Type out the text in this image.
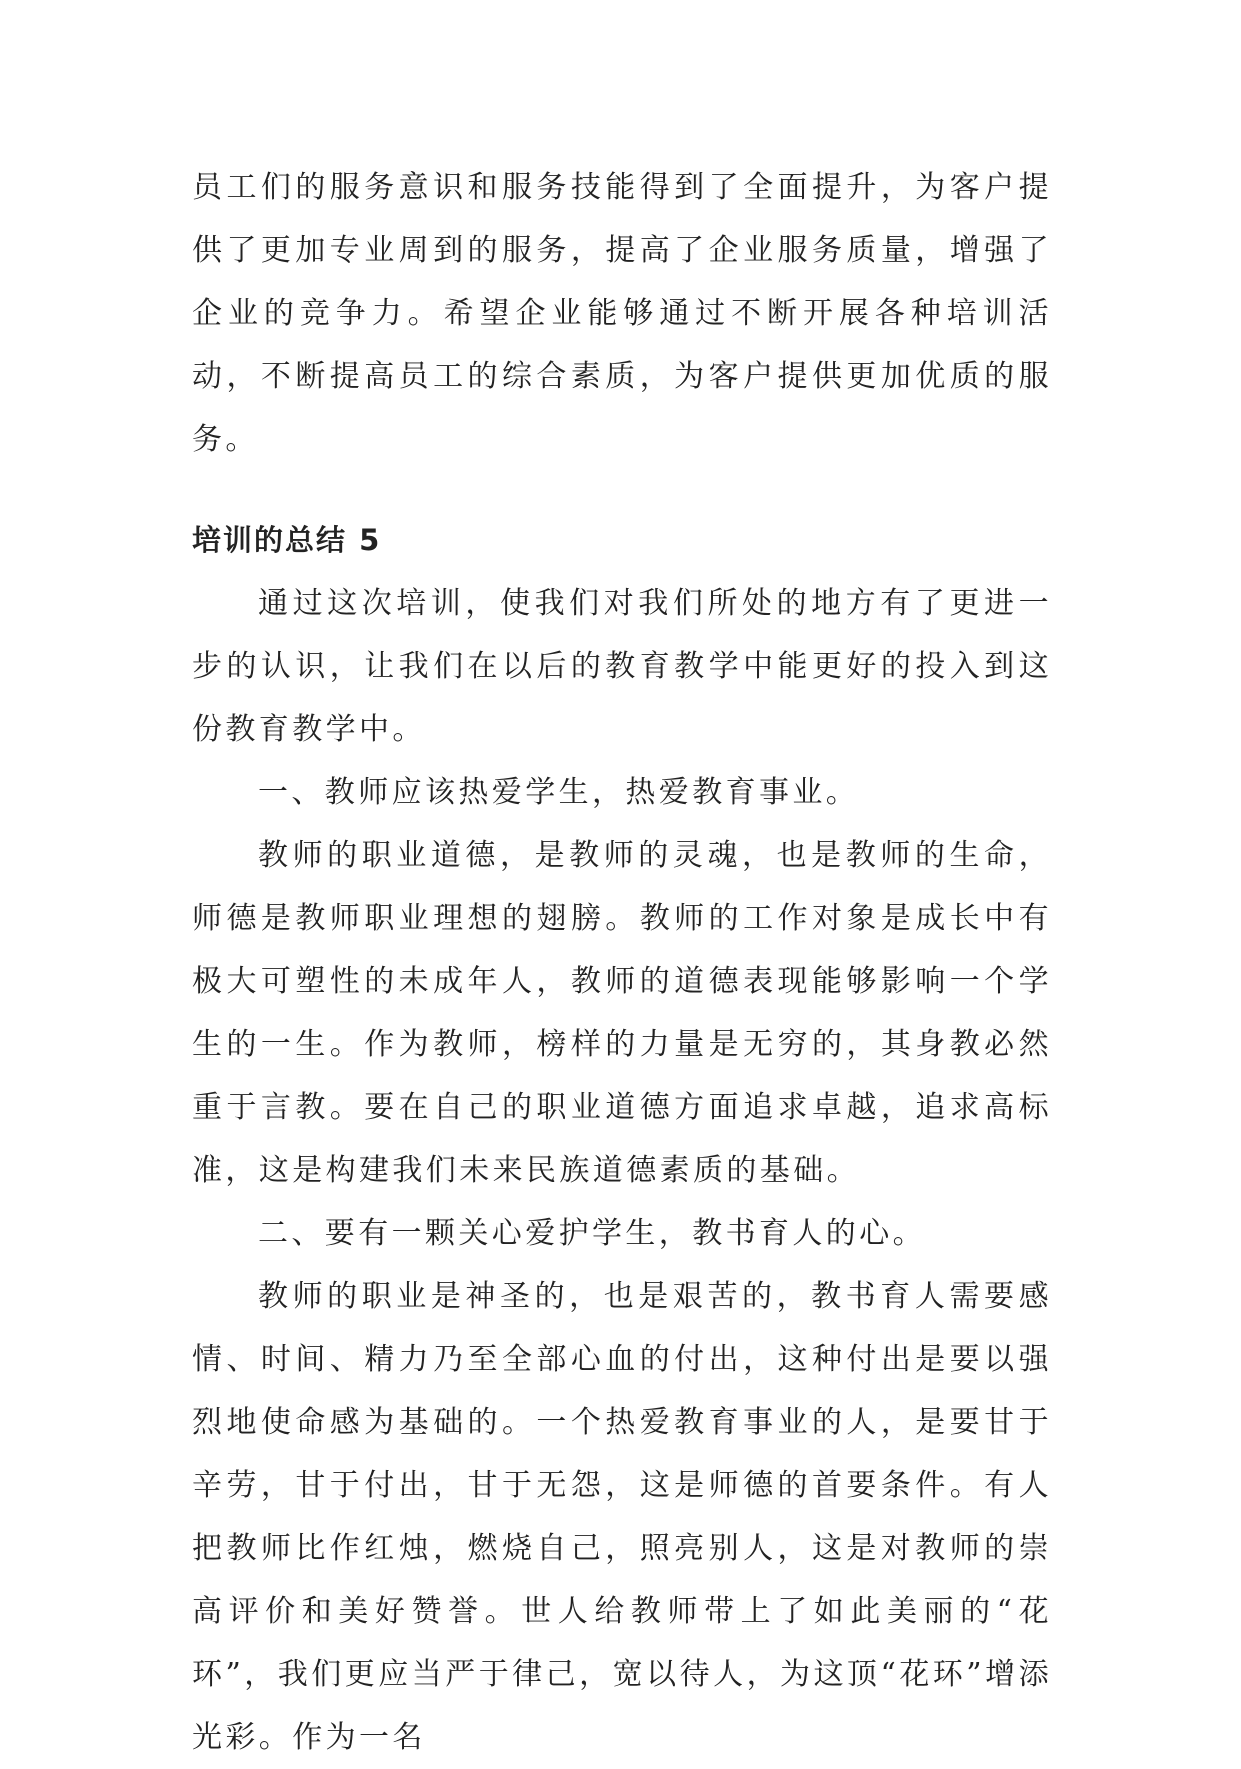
员工们的服务意识和服务技能得到了全面提升，为客户提供了更加专业周到的服务，提高了企业服务质量，增强了企业的竞争力。希望企业能够通过不断开展各种培训活动，不断提高员工的综合素质，为客户提供更加优质的服务。

培训的总结 5

通过这次培训，使我们对我们所处的地方有了更进一步的认识，让我们在以后的教育教学中能更好的投入到这份教育教学中。

一、教师应该热爱学生，热爱教育事业。

教师的职业道德，是教师的灵魂，也是教师的生命，师德是教师职业理想的翅膀。教师的工作对象是成长中有极大可塑性的未成年人，教师的道德表现能够影响一个学生的一生。作为教师，榜样的力量是无穷的，其身教必然重于言教。要在自己的职业道德方面追求卓越，追求高标准，这是构建我们未来民族道德素质的基础。

二、要有一颗关心爱护学生，教书育人的心。

教师的职业是神圣的，也是艰苦的，教书育人需要感情、时间、精力乃至全部心血的付出，这种付出是要以强烈地使命感为基础的。一个热爱教育事业的人，是要甘于辛劳，甘于付出，甘于无怨，这是师德的首要条件。有人把教师比作红烛，燃烧自己，照亮别人，这是对教师的崇高评价和美好赞誉。世人给教师带上了如此美丽的“花环”，我们更应当严于律己，宽以待人，为这顶“花环”增添光彩。作为一名
